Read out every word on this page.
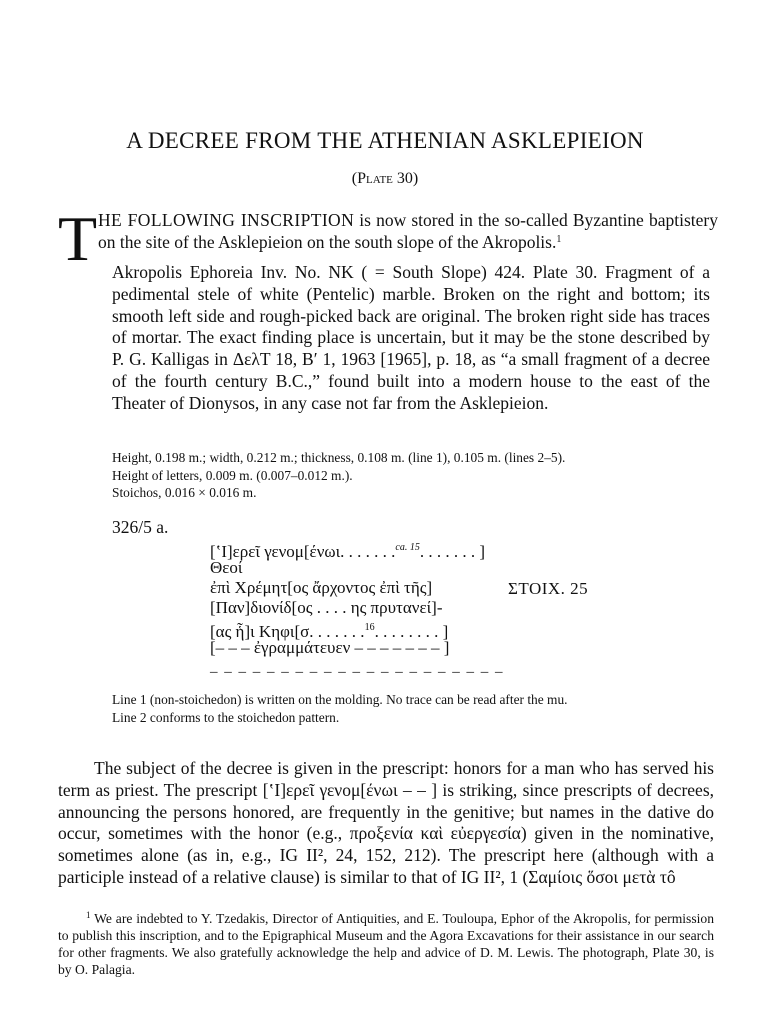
A DECREE FROM THE ATHENIAN ASKLEPIEION
(Plate 30)
T HE FOLLOWING INSCRIPTION is now stored in the so-called Byzantine baptistery on the site of the Asklepieion on the south slope of the Akropolis.$^1$
Akropolis Ephoreia Inv. No. NK ( = South Slope) 424. Plate 30. Fragment of a pedimental stele of white (Pentelic) marble. Broken on the right and bottom; its smooth left side and rough-picked back are original. The broken right side has traces of mortar. The exact finding place is uncertain, but it may be the stone described by P. G. Kalligas in ΔελΤ 18, Β′ 1, 1963 [1965], p. 18, as “a small fragment of a decree of the fourth century B.C.,” found built into a modern house to the east of the Theater of Dionysos, in any case not far from the Asklepieion.
Height, 0.198 m.; width, 0.212 m.; thickness, 0.108 m. (line 1), 0.105 m. (lines 2–5).
Height of letters, 0.009 m. (0.007–0.012 m.).
Stoichos, 0.016 × 0.016 m.
326/5 a.
[ʽΙ]ερεῖ γενομ[ένωι. . . . . . .$^{ca. 15}$. . . . . . . ]
Θεοί
ἐπὶ Χρέμητ[ος ἄρχοντος ἐπὶ τῆς]
[Παν]διονίδ[ος . . . . ης πρυτανεί]-
[ας ἧ]ι Κηφι[σ. . . . . . .$^{16}$. . . . . . . . ]
[– – – ἐγραμμάτευεν – – – – – – – ]
ΣΤΟΙΧ. 25
– – – – – – – – – – – – – – – – – – – – –
Line 1 (non-stoichedon) is written on the molding. No trace can be read after the mu.
Line 2 conforms to the stoichedon pattern.

The subject of the decree is given in the prescript: honors for a man who has served his term as priest. The prescript [ʽΙ]ερεῖ γενομ[ένωι – – ] is striking, since prescripts of decrees, announcing the persons honored, are frequently in the genitive; but names in the dative do occur, sometimes with the honor (e.g., προξενία καὶ εὐεργεσία) given in the nominative, sometimes alone (as in, e.g., IG II², 24, 152, 212). The prescript here (although with a participle instead of a relative clause) is similar to that of IG II², 1 (Σαμίοις ὅσοι μετὰ τô

$^1$ We are indebted to Y. Tzedakis, Director of Antiquities, and E. Touloupa, Ephor of the Akropolis, for permission to publish this inscription, and to the Epigraphical Museum and the Agora Excavations for their assistance in our search for other fragments. We also gratefully acknowledge the help and advice of D. M. Lewis. The photograph, Plate 30, is by O. Palagia.
